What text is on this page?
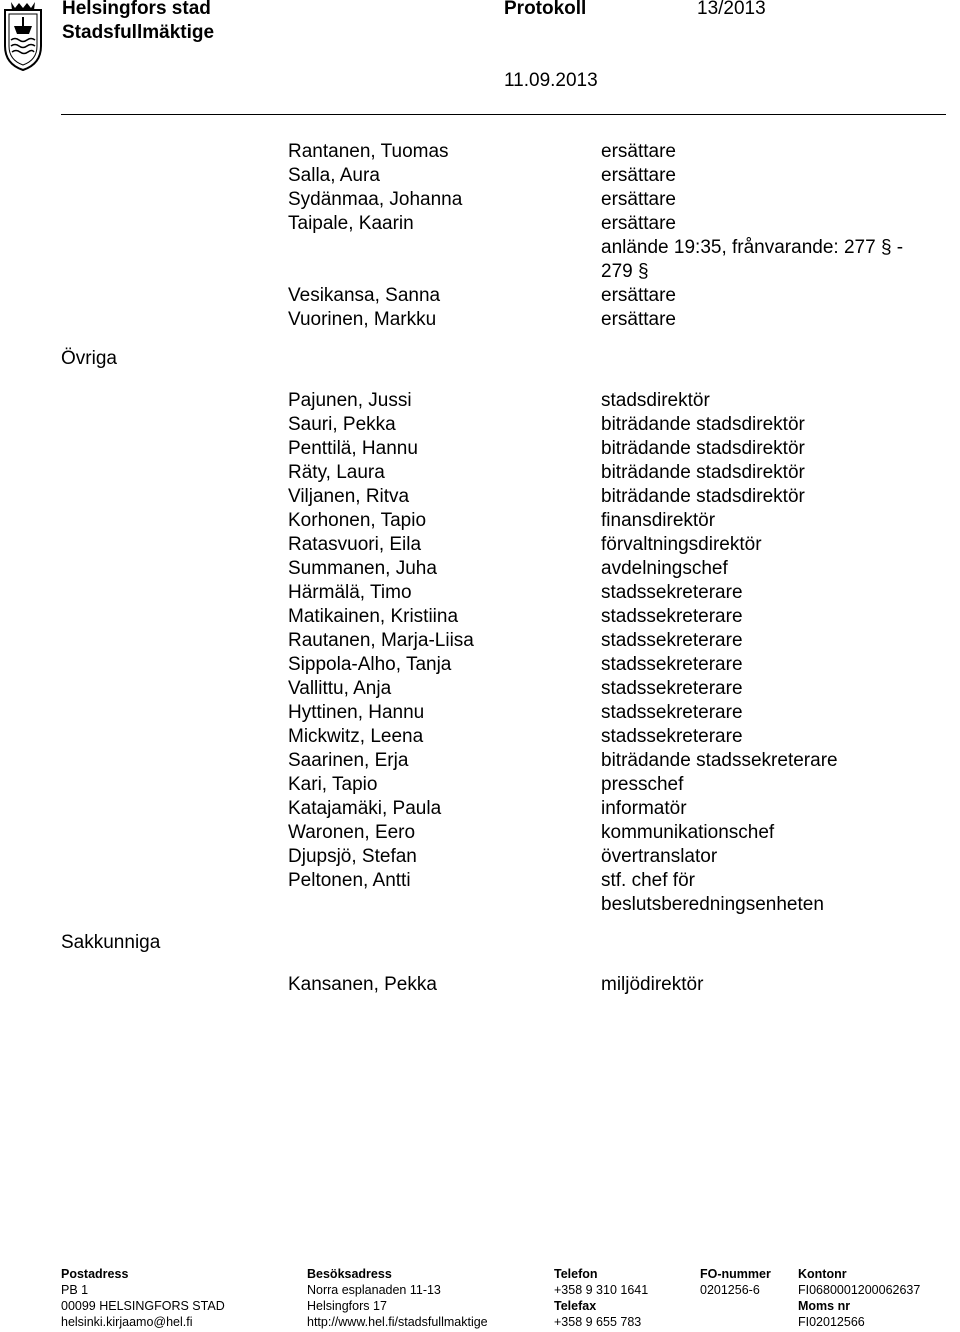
Helsingfors stad
Stadsfullmäktige
Protokoll	13/2013
11.09.2013
Rantanen, Tuomas	ersättare
Salla, Aura	ersättare
Sydänmaa, Johanna	ersättare
Taipale, Kaarin	ersättare
anlände 19:35, frånvarande: 277 § -
279 §
Vesikansa, Sanna	ersättare
Vuorinen, Markku	ersättare
Övriga
Pajunen, Jussi	stadsdirektör
Sauri, Pekka	biträdande stadsdirektör
Penttilä, Hannu	biträdande stadsdirektör
Räty, Laura	biträdande stadsdirektör
Viljanen, Ritva	biträdande stadsdirektör
Korhonen, Tapio	finansdirektör
Ratasvuori, Eila	förvaltningsdirektör
Summanen, Juha	avdelningschef
Härmälä, Timo	stadssekreterare
Matikainen, Kristiina	stadssekreterare
Rautanen, Marja-Liisa	stadssekreterare
Sippola-Alho, Tanja	stadssekreterare
Vallittu, Anja	stadssekreterare
Hyttinen, Hannu	stadssekreterare
Mickwitz, Leena	stadssekreterare
Saarinen, Erja	biträdande stadssekreterare
Kari, Tapio	presschef
Katajamäki, Paula	informatör
Waronen, Eero	kommunikationschef
Djupsjö, Stefan	övertranslator
Peltonen, Antti	stf. chef för
beslutsberedningsenheten
Sakkunniga
Kansanen, Pekka	miljödirektör
Postadress
PB 1
00099 HELSINGFORS STAD
helsinki.kirjaamo@hel.fi
Besöksadress
Norra esplanaden 11-13
Helsingfors 17
http://www.hel.fi/stadsfullmaktige
Telefon
+358 9 310 1641
Telefax
+358 9 655 783
FO-nummer
0201256-6
Kontonr
FI0680001200062637
Moms nr
FI02012566
